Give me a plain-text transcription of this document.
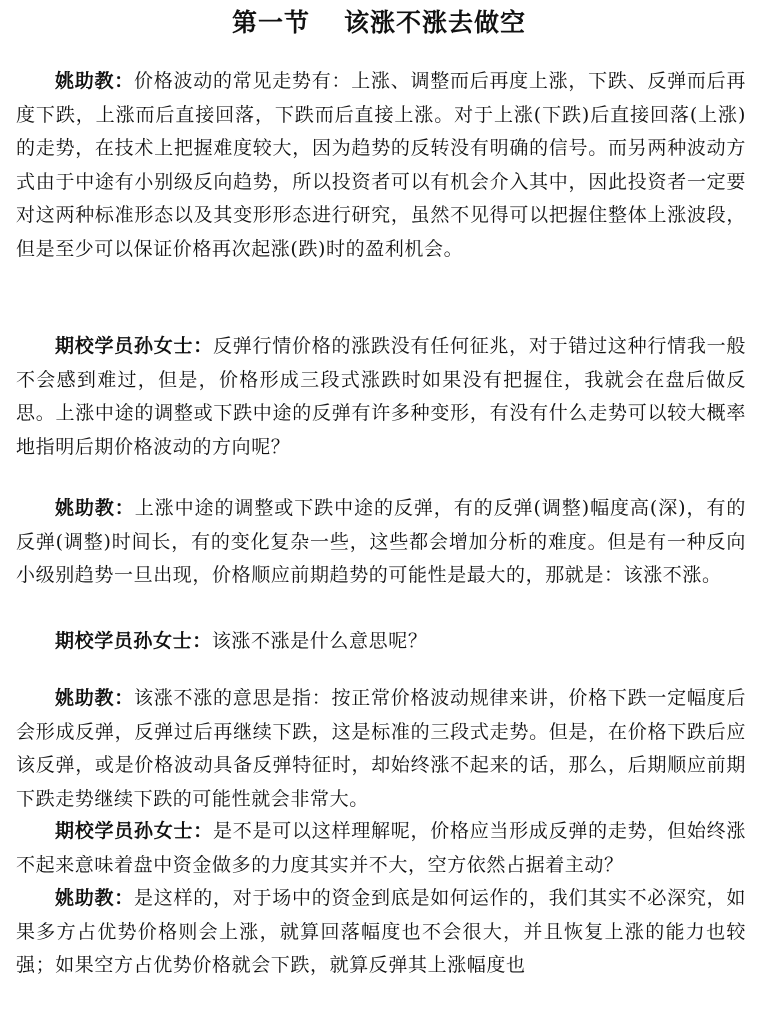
第一节 该涨不涨去做空

姚助教：价格波动的常见走势有：上涨、调整而后再度上涨，下跌、反弹而后再度下跌，上涨而后直接回落，下跌而后直接上涨。对于上涨(下跌)后直接回落(上涨)的走势，在技术上把握难度较大，因为趋势的反转没有明确的信号。而另两种波动方式由于中途有小别级反向趋势，所以投资者可以有机会介入其中，因此投资者一定要对这两种标准形态以及其变形形态进行研究，虽然不见得可以把握住整体上涨波段，但是至少可以保证价格再次起涨(跌)时的盈利机会。

期校学员孙女士：反弹行情价格的涨跌没有任何征兆，对于错过这种行情我一般不会感到难过，但是，价格形成三段式涨跌时如果没有把握住，我就会在盘后做反思。上涨中途的调整或下跌中途的反弹有许多种变形，有没有什么走势可以较大概率地指明后期价格波动的方向呢？

姚助教：上涨中途的调整或下跌中途的反弹，有的反弹(调整)幅度高(深)，有的反弹(调整)时间长，有的变化复杂一些，这些都会增加分析的难度。但是有一种反向小级别趋势一旦出现，价格顺应前期趋势的可能性是最大的，那就是：该涨不涨。

期校学员孙女士：该涨不涨是什么意思呢？

姚助教：该涨不涨的意思是指：按正常价格波动规律来讲，价格下跌一定幅度后会形成反弹，反弹过后再继续下跌，这是标准的三段式走势。但是，在价格下跌后应该反弹，或是价格波动具备反弹特征时，却始终涨不起来的话，那么，后期顺应前期下跌走势继续下跌的可能性就会非常大。

期校学员孙女士：是不是可以这样理解呢，价格应当形成反弹的走势，但始终涨不起来意味着盘中资金做多的力度其实并不大，空方依然占据着主动？

姚助教：是这样的，对于场中的资金到底是如何运作的，我们其实不必深究，如果多方占优势价格则会上涨，就算回落幅度也不会很大，并且恢复上涨的能力也较强；如果空方占优势价格就会下跌，就算反弹其上涨幅度也
